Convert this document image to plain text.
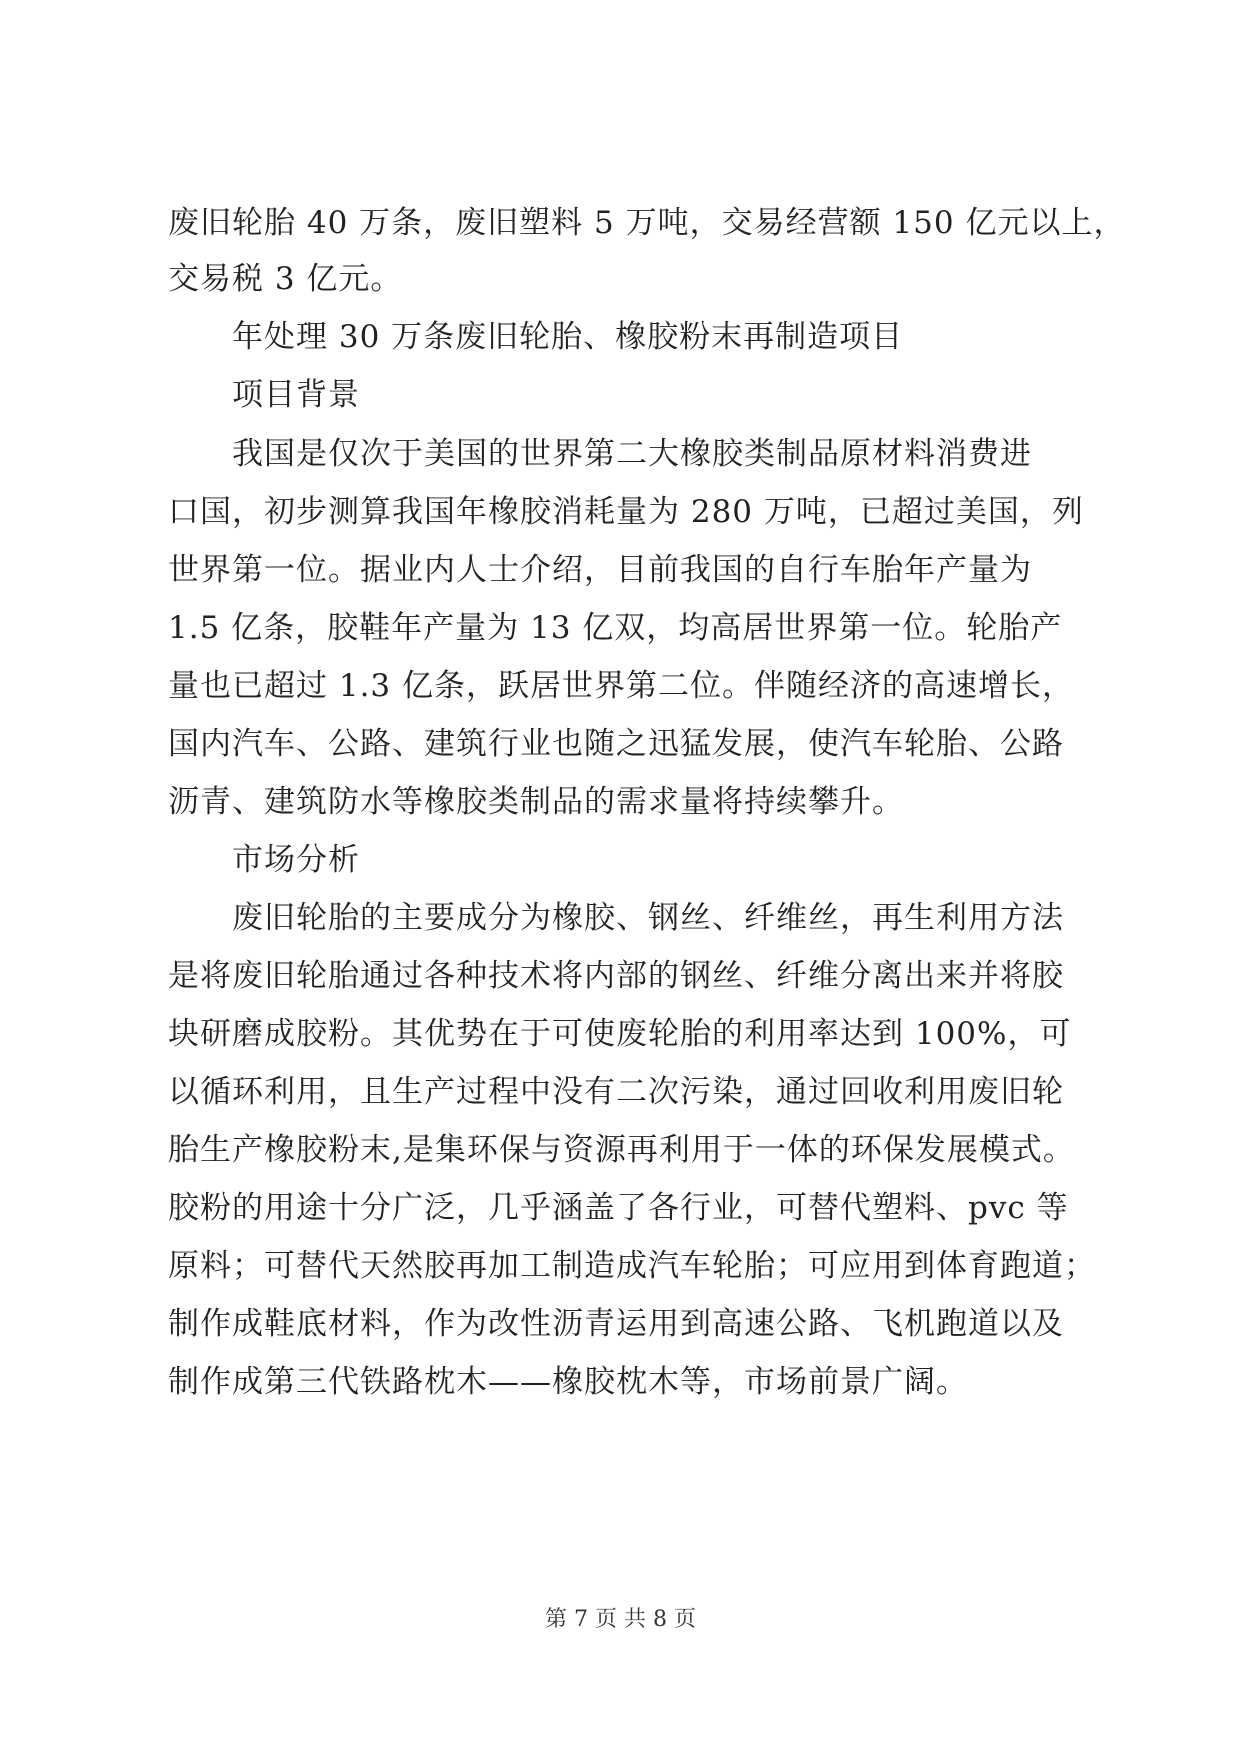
废旧轮胎 40 万条，废旧塑料 5 万吨，交易经营额 150 亿元以上，
交易税 3 亿元。
年处理 30 万条废旧轮胎、橡胶粉末再制造项目
项目背景
我国是仅次于美国的世界第二大橡胶类制品原材料消费进
口国，初步测算我国年橡胶消耗量为 280 万吨，已超过美国，列
世界第一位。据业内人士介绍，目前我国的自行车胎年产量为
1.5 亿条，胶鞋年产量为 13 亿双，均高居世界第一位。轮胎产
量也已超过 1.3 亿条，跃居世界第二位。伴随经济的高速增长，
国内汽车、公路、建筑行业也随之迅猛发展，使汽车轮胎、公路
沥青、建筑防水等橡胶类制品的需求量将持续攀升。
市场分析
废旧轮胎的主要成分为橡胶、钢丝、纤维丝，再生利用方法
是将废旧轮胎通过各种技术将内部的钢丝、纤维分离出来并将胶
块研磨成胶粉。其优势在于可使废轮胎的利用率达到 100%，可
以循环利用，且生产过程中没有二次污染，通过回收利用废旧轮
胎生产橡胶粉末,是集环保与资源再利用于一体的环保发展模式。
胶粉的用途十分广泛，几乎涵盖了各行业，可替代塑料、pvc 等
原料；可替代天然胶再加工制造成汽车轮胎；可应用到体育跑道；
制作成鞋底材料，作为改性沥青运用到高速公路、飞机跑道以及
制作成第三代铁路枕木——橡胶枕木等，市场前景广阔。
第 7 页 共 8 页
